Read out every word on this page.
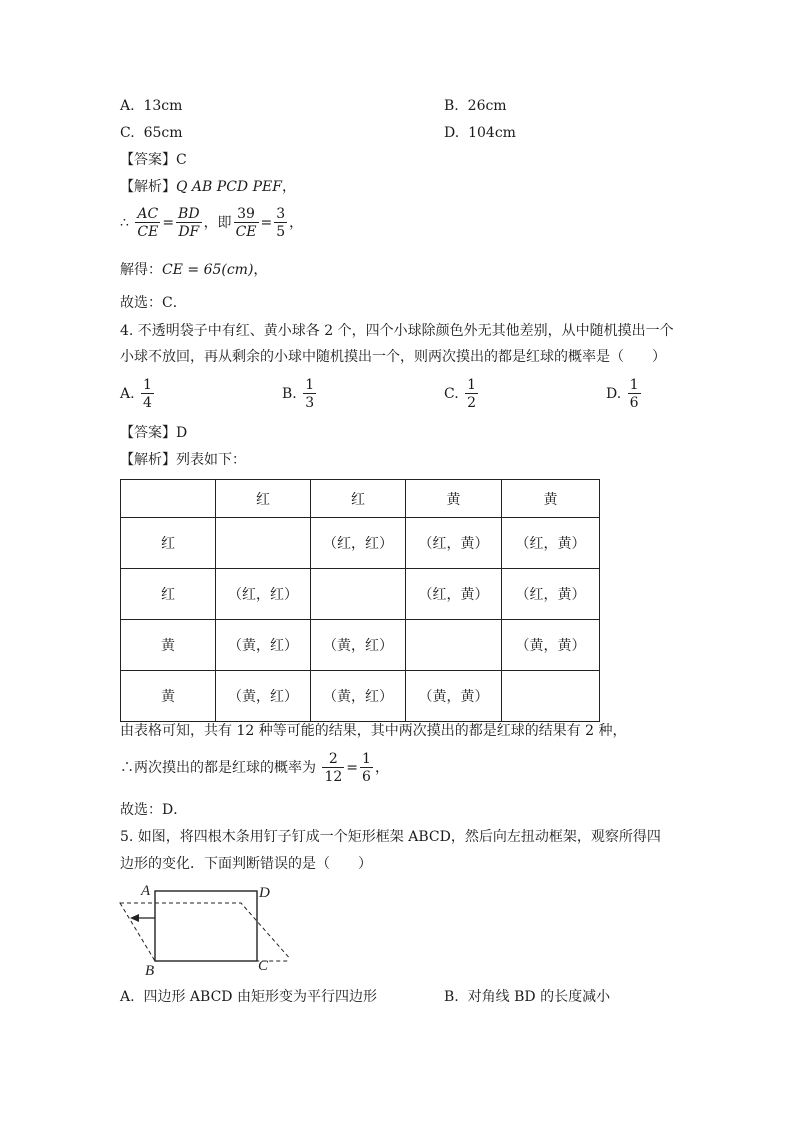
A. 13cm	B. 26cm
C. 65cm	D. 104cm
【答案】C
【解析】Q AB PCD PEF，
∴ $\frac{AC}{CE} = \frac{BD}{DF}$ ，即 $\frac{39}{CE} = \frac{3}{5}$ ，
解得：CE = 65(cm)，
故选：C．
4. 不透明袋子中有红、黄小球各 2 个，四个小球除颜色外无其他差别，从中随机摸出一个
小球不放回，再从剩余的小球中随机摸出一个，则两次摸出的都是红球的概率是（　　）
A. $\frac{1}{4}$	B. $\frac{1}{3}$	C. $\frac{1}{2}$	D. $\frac{1}{6}$
【答案】D
【解析】列表如下：
	红	红	黄	黄
红		（红，红）	（红，黄）	（红，黄）
红	（红，红）		（红，黄）	（红，黄）
黄	（黄，红）	（黄，红）		（黄，黄）
黄	（黄，红）	（黄，红）	（黄，黄）	
由表格可知，共有 12 种等可能的结果，其中两次摸出的都是红球的结果有 2 种，
∴两次摸出的都是红球的概率为 $\frac{2}{12} = \frac{1}{6}$ ，
故选：D．
5. 如图，将四根木条用钉子钉成一个矩形框架 ABCD，然后向左扭动框架，观察所得四
边形的变化．下面判断错误的是（　　）
A	D
B	C
A. 四边形 ABCD 由矩形变为平行四边形	B. 对角线 BD 的长度减小
